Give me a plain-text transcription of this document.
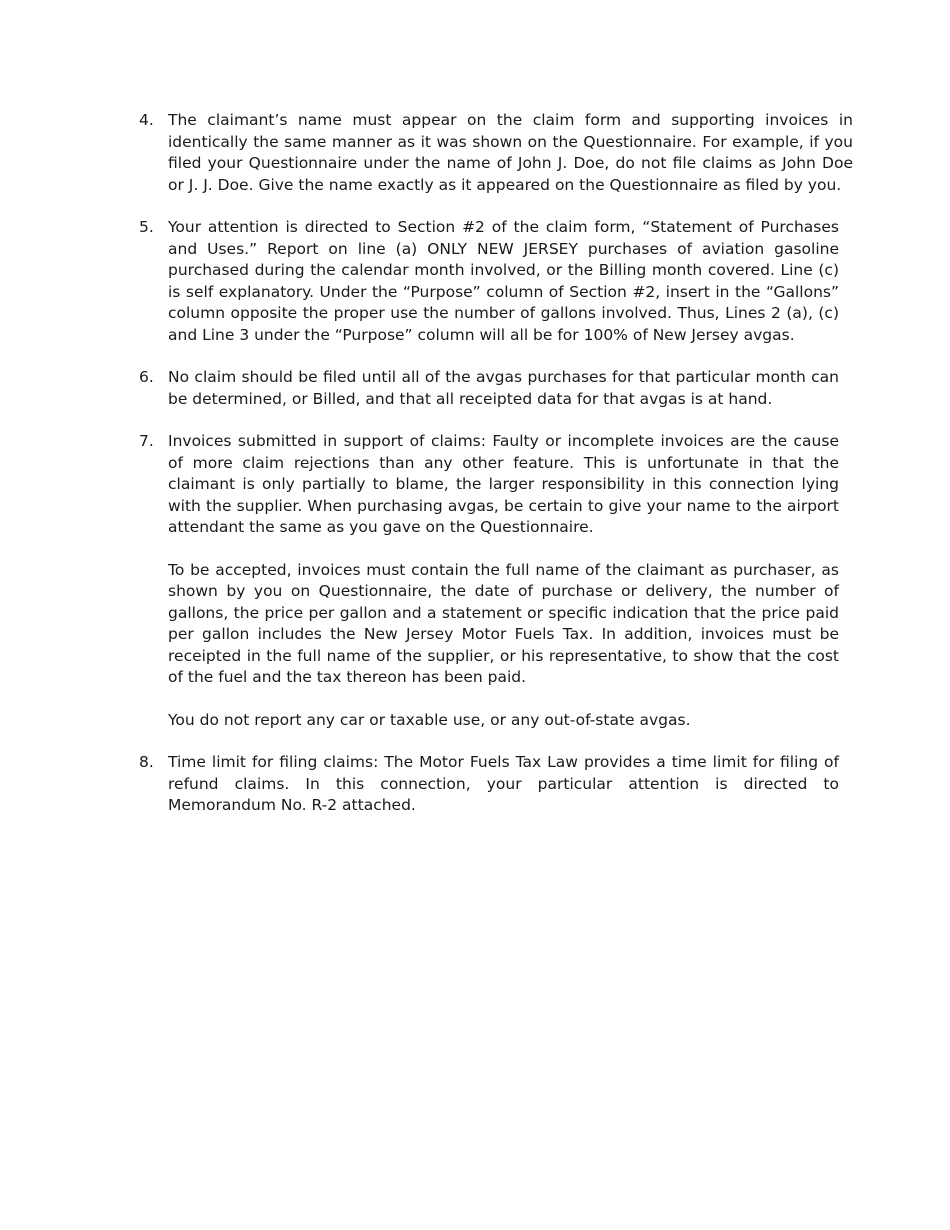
4. The claimant’s name must appear on the claim form and supporting invoices in identically the same manner as it was shown on the Questionnaire. For example, if you filed your Questionnaire under the name of John J. Doe, do not file claims as John Doe or J. J. Doe. Give the name exactly as it appeared on the Questionnaire as filed by you.

5. Your attention is directed to Section #2 of the claim form, “Statement of Purchases and Uses.” Report on line (a) ONLY NEW JERSEY purchases of aviation gasoline purchased during the calendar month involved, or the Billing month covered. Line (c) is self explanatory. Under the “Purpose” column of Section #2, insert in the “Gallons” column opposite the proper use the number of gallons involved. Thus, Lines 2 (a), (c) and Line 3 under the “Purpose” column will all be for 100% of New Jersey avgas.

6. No claim should be filed until all of the avgas purchases for that particular month can be determined, or Billed, and that all receipted data for that avgas is at hand.

7. Invoices submitted in support of claims: Faulty or incomplete invoices are the cause of more claim rejections than any other feature. This is unfortunate in that the claimant is only partially to blame, the larger responsibility in this connection lying with the supplier. When purchasing avgas, be certain to give your name to the airport attendant the same as you gave on the Questionnaire.

To be accepted, invoices must contain the full name of the claimant as purchaser, as shown by you on Questionnaire, the date of purchase or delivery, the number of gallons, the price per gallon and a statement or specific indication that the price paid per gallon includes the New Jersey Motor Fuels Tax. In addition, invoices must be receipted in the full name of the supplier, or his representative, to show that the cost of the fuel and the tax thereon has been paid.

You do not report any car or taxable use, or any out-of-state avgas.

8. Time limit for filing claims: The Motor Fuels Tax Law provides a time limit for filing of refund claims. In this connection, your particular attention is directed to Memorandum No. R-2 attached.
